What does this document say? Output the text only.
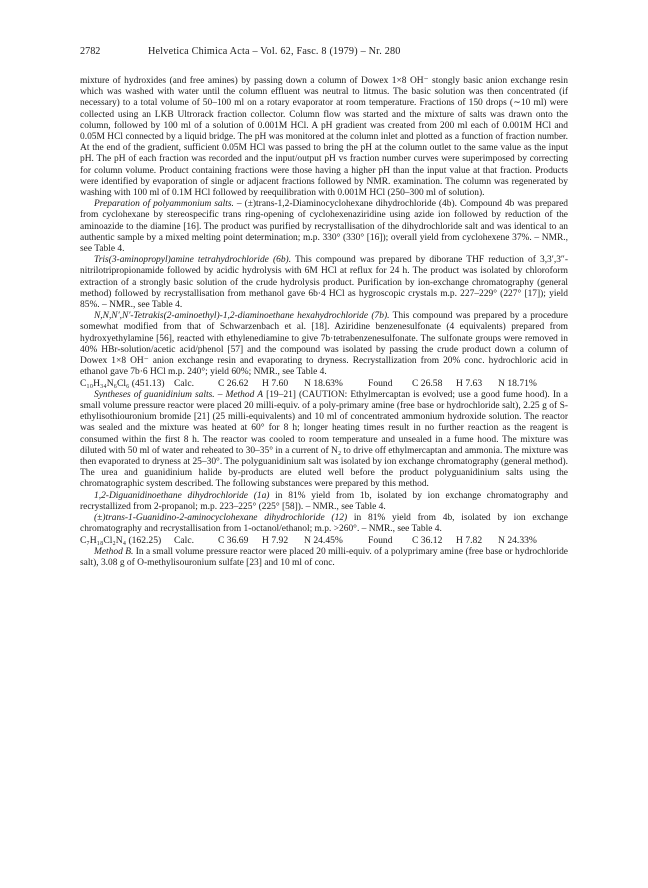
2782	Helvetica Chimica Acta – Vol. 62, Fasc. 8 (1979) – Nr. 280

mixture of hydroxides (and free amines) by passing down a column of Dowex 1×8 OH⁻ stongly basic anion exchange resin which was washed with water until the column effluent was neutral to litmus. The basic solution was then concentrated (if necessary) to a total volume of 50–100 ml on a rotary evaporator at room temperature. Fractions of 150 drops (∼10 ml) were collected using an LKB Ultrorack fraction collector. Column flow was started and the mixture of salts was drawn onto the column, followed by 100 ml of a solution of 0.001M HCl. A pH gradient was created from 200 ml each of 0.001M HCl and 0.05M HCl connected by a liquid bridge. The pH was monitored at the column inlet and plotted as a function of fraction number. At the end of the gradient, sufficient 0.05M HCl was passed to bring the pH at the column outlet to the same value as the input pH. The pH of each fraction was recorded and the input/output pH vs fraction number curves were superimposed by correcting for column volume. Product containing fractions were those having a higher pH than the input value at that fraction. Products were identified by evaporation of single or adjacent fractions followed by NMR. examination. The column was regenerated by washing with 100 ml of 0.1M HCl followed by reequilibration with 0.001M HCl (250–300 ml of solution).

Preparation of polyammonium salts. – (±)trans-1,2-Diaminocyclohexane dihydrochloride (4b). Compound 4b was prepared from cyclohexane by stereospecific trans ring-opening of cyclohexenaziridine using azide ion followed by reduction of the aminoazide to the diamine [16]. The product was purified by recrystallisation of the dihydrochloride salt and was identical to an authentic sample by a mixed melting point determination; m.p. 330° (330° [16]); overall yield from cyclohexene 37%. – NMR., see Table 4.

Tris(3-aminopropyl)amine tetrahydrochloride (6b). This compound was prepared by diborane THF reduction of 3,3′,3″-nitrilotripropionamide followed by acidic hydrolysis with 6M HCl at reflux for 24 h. The product was isolated by chloroform extraction of a strongly basic solution of the crude hydrolysis product. Purification by ion-exchange chromatography (general method) followed by recrystallisation from methanol gave 6b·4 HCl as hygroscopic crystals m.p. 227–229° (227° [17]); yield 85%. – NMR., see Table 4.

N,N,N′,N′-Tetrakis(2-aminoethyl)-1,2-diaminoethane hexahydrochloride (7b). This compound was prepared by a procedure somewhat modified from that of Schwarzenbach et al. [18]. Aziridine benzenesulfonate (4 equivalents) prepared from hydroxyethylamine [56], reacted with ethylenediamine to give 7b·tetrabenzenesulfonate. The sulfonate groups were removed in 40% HBr-solution/acetic acid/phenol [57] and the compound was isolated by passing the crude product down a column of Dowex 1×8 OH⁻ anion exchange resin and evaporating to dryness. Recrystallization from 20% conc. hydrochloric acid in ethanol gave 7b·6 HCl m.p. 240°; yield 60%; NMR., see Table 4.

C₁₀H₃₄N₆Cl₆ (451.13) Calc.	C 26.62 H 7.60 N 18.63%	Found C 26.58 H 7.63 N 18.71%

Syntheses of guanidinium salts. – Method A [19–21] (CAUTION: Ethylmercaptan is evolved; use a good fume hood). In a small volume pressure reactor were placed 20 milli-equiv. of a poly-primary amine (free base or hydrochloride salt), 2.25 g of S-ethylisothiouronium bromide [21] (25 milli-equivalents) and 10 ml of concentrated ammonium hydroxide solution. The reactor was sealed and the mixture was heated at 60° for 8 h; longer heating times result in no further reaction as the reagent is consumed within the first 8 h. The reactor was cooled to room temperature and unsealed in a fume hood. The mixture was diluted with 50 ml of water and reheated to 30–35° in a current of N₂ to drive off ethylmercaptan and ammonia. The mixture was then evaporated to dryness at 25–30°. The polyguanidinium salt was isolated by ion exchange chromatography (general method). The urea and guanidinium halide by-products are eluted well before the product polyguanidinium salts using the chromatographic system described. The following substances were prepared by this method.

1,2-Diguanidinoethane dihydrochloride (1a) in 81% yield from 1b, isolated by ion exchange chromatography and recrystallized from 2-propanol; m.p. 223–225° (225° [58]). – NMR., see Table 4.

(±)trans-1-Guanidino-2-aminocyclohexane dihydrochloride (12) in 81% yield from 4b, isolated by ion exchange chromatography and recrystallisation from 1-octanol/ethanol; m.p. >260°. – NMR., see Table 4.

C₇H₁₈Cl₂N₄ (162.25) Calc.	C 36.69 H 7.92 N 24.45%	Found C 36.12 H 7.82 N 24.33%

Method B. In a small volume pressure reactor were placed 20 milli-equiv. of a polyprimary amine (free base or hydrochloride salt), 3.08 g of O-methylisouronium sulfate [23] and 10 ml of conc.
